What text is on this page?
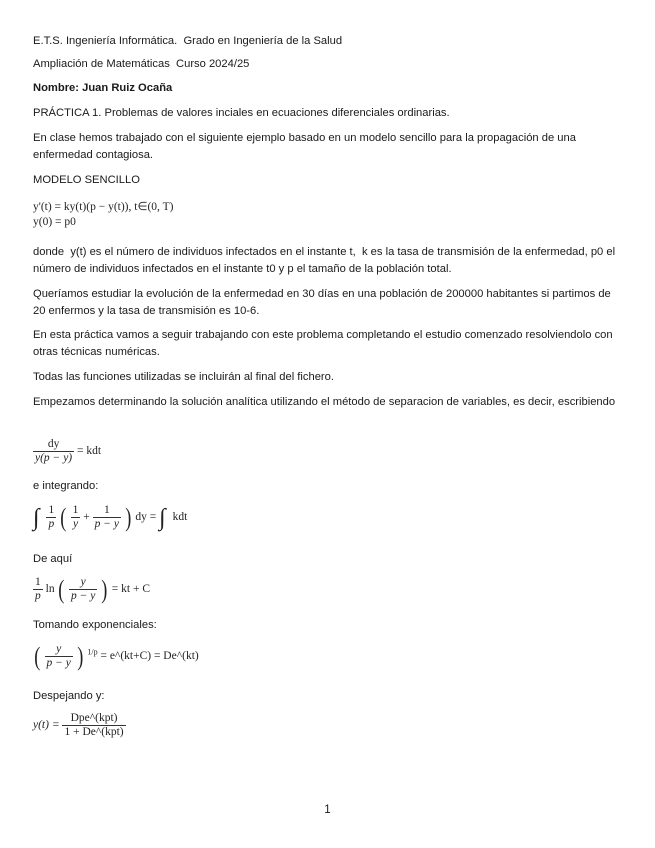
E.T.S. Ingeniería Informática.  Grado en Ingeniería de la Salud
Ampliación de Matemáticas  Curso 2024/25
Nombre: Juan Ruiz Ocaña
PRÁCTICA 1. Problemas de valores inciales en ecuaciones diferenciales ordinarias.
En clase hemos trabajado con el siguiente ejemplo basado en un modelo sencillo para la propagación de una enfermedad contagiosa.
MODELO SENCILLO
y'(t) = ky(t)(p − y(t)), t∈(0, T)
y(0) = p0
donde  y(t) es el número de individuos infectados en el instante t,  k es la tasa de transmisión de la enfermedad, p0 el número de individuos infectados en el instante t0 y p el tamaño de la población total.
Queríamos estudiar la evolución de la enfermedad en 30 días en una población de 200000 habitantes si partimos de 20 enfermos y la tasa de transmisión es 10-6.
En esta práctica vamos a seguir trabajando con este problema completando el estudio comenzado resolviendolo con otras técnicas numéricas.
Todas las funciones utilizadas se incluirán al final del fichero.
Empezamos determinando la solución analítica utilizando el método de separacion de variables, es decir, escribiendo
$\frac{dy}{y(p - y)}$ = kdt
e integrando:
∫ $\frac{1}{p}$ ( $\frac{1}{y} + \frac{1}{p - y}$ ) dy = ∫ kdt
De aquí
$\frac{1}{p}$ ln ( $\frac{y}{p - y}$ ) = kt + C
Tomando exponenciales:
( $\frac{y}{p - y}$ ) $^{1/p}$ = e^(kt+C) = De^(kt)
Despejando y:
$y(t) = \frac{\text{Dpe\textasciicircum{}(kpt)}}{\text{1 + De\textasciicircum{}(kpt)}}$
1
